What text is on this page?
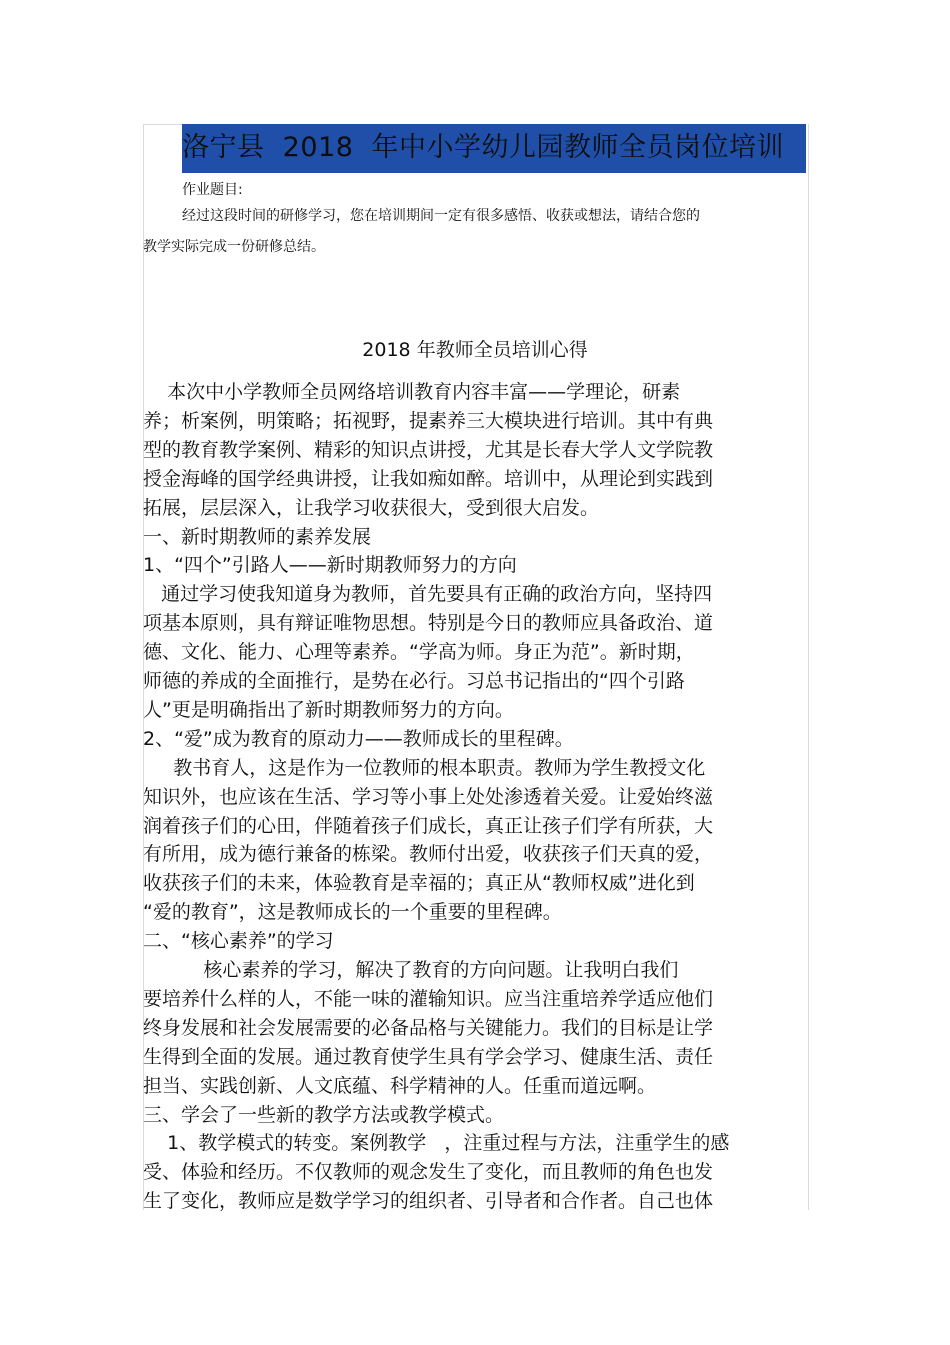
洛宁县  2018  年中小学幼儿园教师全员岗位培训
作业题目:
经过这段时间的研修学习，您在培训期间一定有很多感悟、收获或想法，请结合您的
教学实际完成一份研修总结。
2018 年教师全员培训心得
本次中小学教师全员网络培训教育内容丰富——学理论，研素
养；析案例，明策略；拓视野，提素养三大模块进行培训。其中有典
型的教育教学案例、精彩的知识点讲授，尤其是长春大学人文学院教
授金海峰的国学经典讲授，让我如痴如醉。培训中，从理论到实践到
拓展，层层深入，让我学习收获很大，受到很大启发。
一、新时期教师的素养发展
1、“四个”引路人——新时期教师努力的方向
通过学习使我知道身为教师，首先要具有正确的政治方向，坚持四
项基本原则，具有辩证唯物思想。特别是今日的教师应具备政治、道
德、文化、能力、心理等素养。“学高为师。身正为范”。新时期，
师德的养成的全面推行，是势在必行。习总书记指出的“四个引路
人”更是明确指出了新时期教师努力的方向。
2、“爱”成为教育的原动力——教师成长的里程碑。
教书育人，这是作为一位教师的根本职责。教师为学生教授文化
知识外，也应该在生活、学习等小事上处处渗透着关爱。让爱始终滋
润着孩子们的心田，伴随着孩子们成长，真正让孩子们学有所获，大
有所用，成为德行兼备的栋梁。教师付出爱，收获孩子们天真的爱，
收获孩子们的未来，体验教育是幸福的；真正从“教师权威”进化到
“爱的教育”，这是教师成长的一个重要的里程碑。
二、“核心素养”的学习
核心素养的学习，解决了教育的方向问题。让我明白我们
要培养什么样的人，不能一味的灌输知识。应当注重培养学适应他们
终身发展和社会发展需要的必备品格与关键能力。我们的目标是让学
生得到全面的发展。通过教育使学生具有学会学习、健康生活、责任
担当、实践创新、人文底蕴、科学精神的人。任重而道远啊。
三、学会了一些新的教学方法或教学模式。
1、教学模式的转变。案例教学   ，注重过程与方法，注重学生的感
受、体验和经历。不仅教师的观念发生了变化，而且教师的角色也发
生了变化，教师应是数学学习的组织者、引导者和合作者。自己也体
